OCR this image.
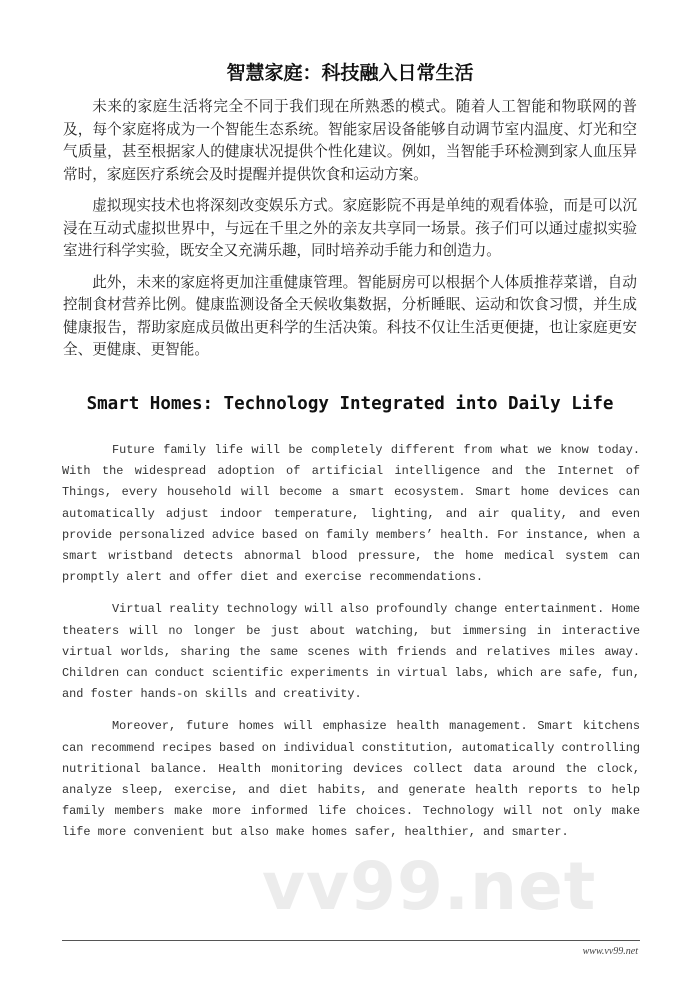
智慧家庭：科技融入日常生活

未来的家庭生活将完全不同于我们现在所熟悉的模式。随着人工智能和物联网的普及，每个家庭将成为一个智能生态系统。智能家居设备能够自动调节室内温度、灯光和空气质量，甚至根据家人的健康状况提供个性化建议。例如，当智能手环检测到家人血压异常时，家庭医疗系统会及时提醒并提供饮食和运动方案。

虚拟现实技术也将深刻改变娱乐方式。家庭影院不再是单纯的观看体验，而是可以沉浸在互动式虚拟世界中，与远在千里之外的亲友共享同一场景。孩子们可以通过虚拟实验室进行科学实验，既安全又充满乐趣，同时培养动手能力和创造力。

此外，未来的家庭将更加注重健康管理。智能厨房可以根据个人体质推荐菜谱，自动控制食材营养比例。健康监测设备全天候收集数据，分析睡眠、运动和饮食习惯，并生成健康报告，帮助家庭成员做出更科学的生活决策。科技不仅让生活更便捷，也让家庭更安全、更健康、更智能。

Smart Homes: Technology Integrated into Daily Life

Future family life will be completely different from what we know today. With the widespread adoption of artificial intelligence and the Internet of Things, every household will become a smart ecosystem. Smart home devices can automatically adjust indoor temperature, lighting, and air quality, and even provide personalized advice based on family members’ health. For instance, when a smart wristband detects abnormal blood pressure, the home medical system can promptly alert and offer diet and exercise recommendations.

Virtual reality technology will also profoundly change entertainment. Home theaters will no longer be just about watching, but immersing in interactive virtual worlds, sharing the same scenes with friends and relatives miles away. Children can conduct scientific experiments in virtual labs, which are safe, fun, and foster hands-on skills and creativity.

Moreover, future homes will emphasize health management. Smart kitchens can recommend recipes based on individual constitution, automatically controlling nutritional balance. Health monitoring devices collect data around the clock, analyze sleep, exercise, and diet habits, and generate health reports to help family members make more informed life choices. Technology will not only make life more convenient but also make homes safer, healthier, and smarter.

vv99.net
www.vv99.net
